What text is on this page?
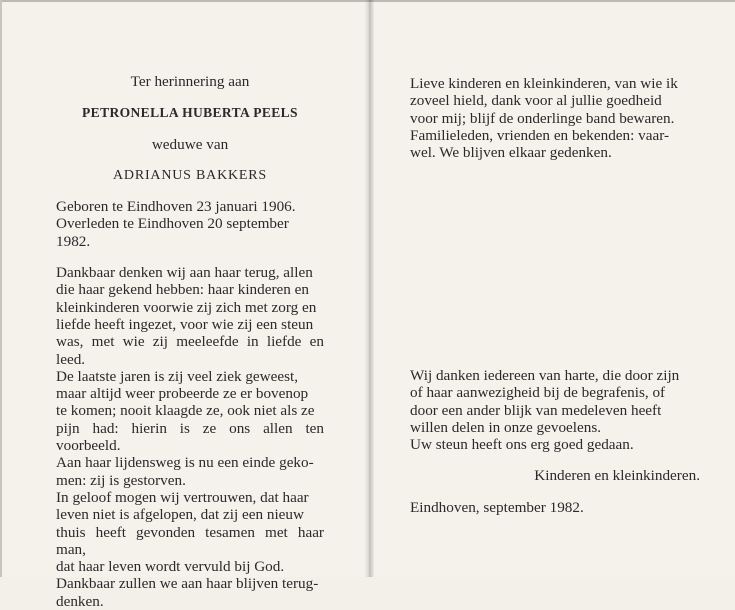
Ter herinnering aan

PETRONELLA HUBERTA PEELS

weduwe van

ADRIANUS BAKKERS

Geboren te Eindhoven 23 januari 1906.
Overleden te Eindhoven 20 september
1982.
Dankbaar denken wij aan haar terug, allen
die haar gekend hebben: haar kinderen en
kleinkinderen voorwie zij zich met zorg en
liefde heeft ingezet, voor wie zij een steun
was, met wie zij meeleefde in liefde en leed.
De laatste jaren is zij veel ziek geweest,
maar altijd weer probeerde ze er bovenop
te komen; nooit klaagde ze, ook niet als ze
pijn had: hierin is ze ons allen ten voorbeeld.
Aan haar lijdensweg is nu een einde geko-
men: zij is gestorven.
In geloof mogen wij vertrouwen, dat haar
leven niet is afgelopen, dat zij een nieuw
thuis heeft gevonden tesamen met haar man,
dat haar leven wordt vervuld bij God.
Dankbaar zullen we aan haar blijven terug-
denken.
Lieve kinderen en kleinkinderen, van wie ik
zoveel hield, dank voor al jullie goedheid
voor mij; blijf de onderlinge band bewaren.
Familieleden, vrienden en bekenden: vaar-
wel. We blijven elkaar gedenken.
Wij danken iedereen van harte, die door zijn
of haar aanwezigheid bij de begrafenis, of
door een ander blijk van medeleven heeft
willen delen in onze gevoelens.
Uw steun heeft ons erg goed gedaan.

Kinderen en kleinkinderen.

Eindhoven, september 1982.
